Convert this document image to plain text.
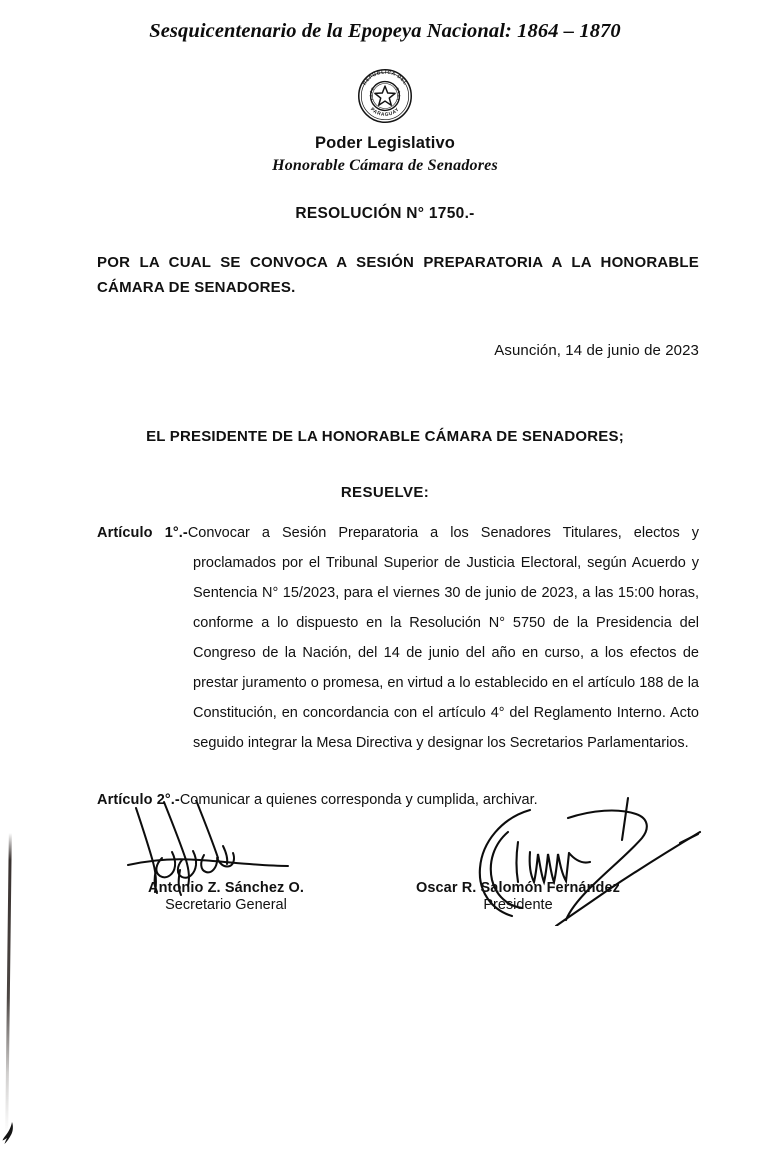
Sesquicentenario de la Epopeya Nacional: 1864 – 1870
REPUBLICA DEL
PARAGUAY
Poder Legislativo
Honorable Cámara de Senadores
RESOLUCIÓN N° 1750.-
POR LA CUAL SE CONVOCA A SESIÓN PREPARATORIA A LA HONORABLE CÁMARA DE SENADORES.
Asunción, 14 de junio de 2023
EL PRESIDENTE DE LA HONORABLE CÁMARA DE SENADORES;
RESUELVE:
Artículo 1°.-Convocar a Sesión Preparatoria a los Senadores Titulares, electos y proclamados por el Tribunal Superior de Justicia Electoral, según Acuerdo y Sentencia N° 15/2023, para el viernes 30 de junio de 2023, a las 15:00 horas, conforme a lo dispuesto en la Resolución N° 5750 de la Presidencia del Congreso de la Nación, del 14 de junio del año en curso, a los efectos de prestar juramento o promesa, en virtud a lo establecido en el artículo 188 de la Constitución, en concordancia con el artículo 4° del Reglamento Interno. Acto seguido integrar la Mesa Directiva y designar los Secretarios Parlamentarios.
Artículo 2°.-Comunicar a quienes corresponda y cumplida, archivar.
Antonio Z. Sánchez O.
Secretario General
Oscar R. Salomón Fernández
Presidente
